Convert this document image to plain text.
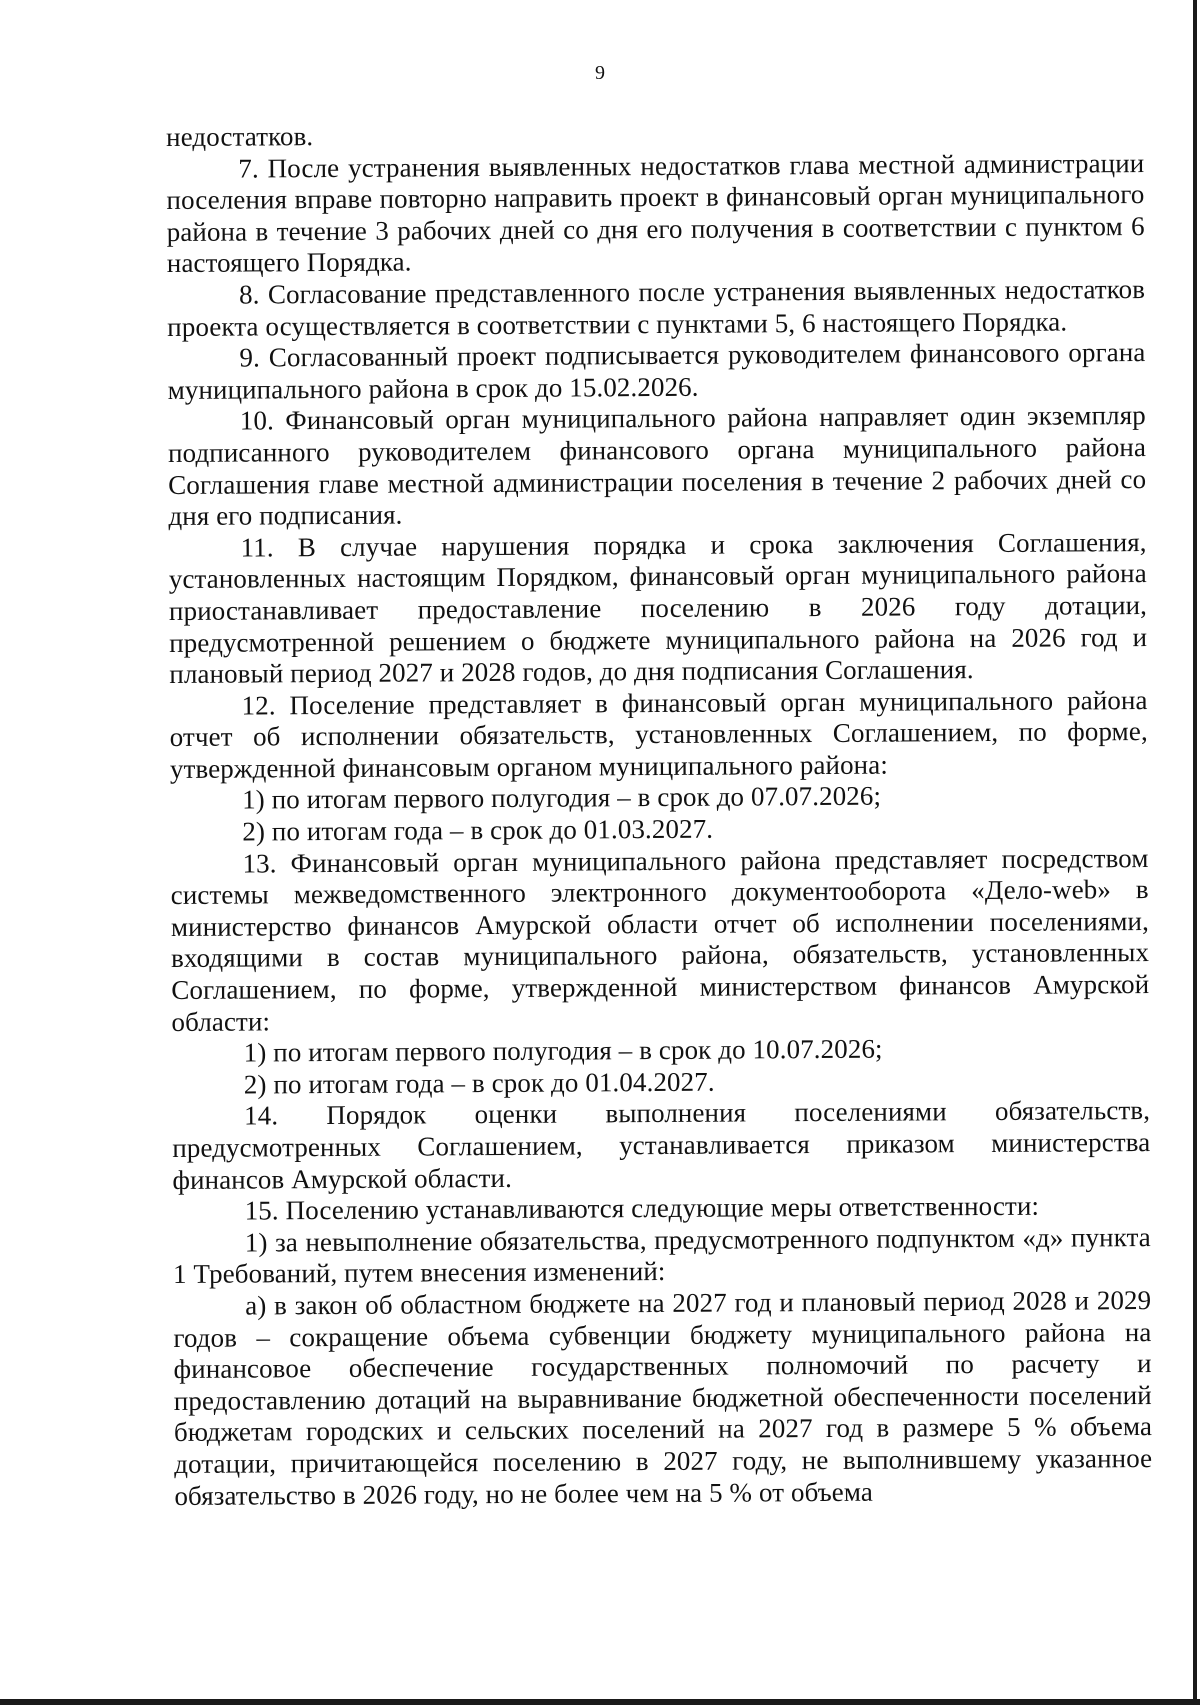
9

недостатков.

7. После устранения выявленных недостатков глава местной администрации поселения вправе повторно направить проект в финансовый орган муниципального района в течение 3 рабочих дней со дня его получения в соответствии с пунктом 6 настоящего Порядка.

8. Согласование представленного после устранения выявленных недостатков проекта осуществляется в соответствии с пунктами 5, 6 настоящего Порядка.

9. Согласованный проект подписывается руководителем финансового органа муниципального района в срок до 15.02.2026.

10. Финансовый орган муниципального района направляет один экземпляр подписанного руководителем финансового органа муниципального района Соглашения главе местной администрации поселения в течение 2 рабочих дней со дня его подписания.

11. В случае нарушения порядка и срока заключения Соглашения, установленных настоящим Порядком, финансовый орган муниципального района приостанавливает предоставление поселению в 2026 году дотации, предусмотренной решением о бюджете муниципального района на 2026 год и плановый период 2027 и 2028 годов, до дня подписания Соглашения.

12. Поселение представляет в финансовый орган муниципального района отчет об исполнении обязательств, установленных Соглашением, по форме, утвержденной финансовым органом муниципального района:

1) по итогам первого полугодия – в срок до 07.07.2026;

2) по итогам года – в срок до 01.03.2027.

13. Финансовый орган муниципального района представляет посредством системы межведомственного электронного документооборота «Дело-web» в министерство финансов Амурской области отчет об исполнении поселениями, входящими в состав муниципального района, обязательств, установленных Соглашением, по форме, утвержденной министерством финансов Амурской области:

1) по итогам первого полугодия – в срок до 10.07.2026;

2) по итогам года – в срок до 01.04.2027.

14. Порядок оценки выполнения поселениями обязательств, предусмотренных Соглашением, устанавливается приказом министерства финансов Амурской области.

15. Поселению устанавливаются следующие меры ответственности:

1) за невыполнение обязательства, предусмотренного подпунктом «д» пункта 1 Требований, путем внесения изменений:

а) в закон об областном бюджете на 2027 год и плановый период 2028 и 2029 годов – сокращение объема субвенции бюджету муниципального района на финансовое обеспечение государственных полномочий по расчету и предоставлению дотаций на выравнивание бюджетной обеспеченности поселений бюджетам городских и сельских поселений на 2027 год в размере 5 % объема дотации, причитающейся поселению в 2027 году, не выполнившему указанное обязательство в 2026 году, но не более чем на 5 % от объема
